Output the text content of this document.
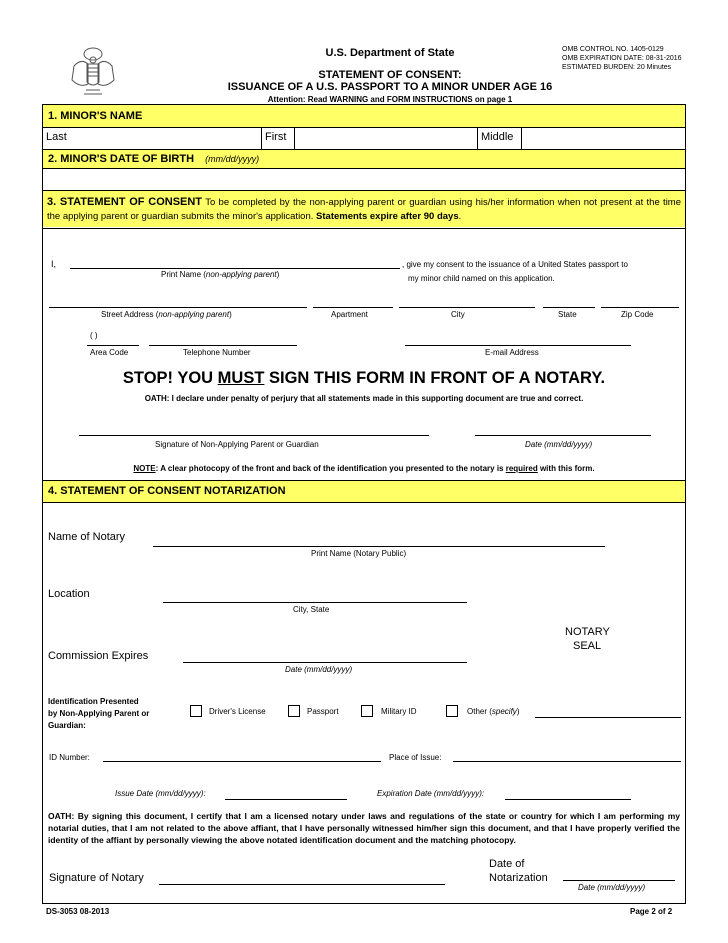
U.S. Department of State
STATEMENT OF CONSENT:
ISSUANCE OF A U.S. PASSPORT TO A MINOR UNDER AGE 16
Attention: Read WARNING and FORM INSTRUCTIONS on page 1
OMB CONTROL NO. 1405-0129
OMB EXPIRATION DATE: 08-31-2016
ESTIMATED BURDEN: 20 Minutes
1. MINOR'S NAME
Last	First	Middle
2. MINOR'S DATE OF BIRTH (mm/dd/yyyy)
3. STATEMENT OF CONSENT To be completed by the non-applying parent or guardian using his/her information when not present at the time the applying parent or guardian submits the minor's application. Statements expire after 90 days.
I,
Print Name (non-applying parent)
, give my consent to the issuance of a United States passport to
my minor child named on this application.
Street Address (non-applying parent)	Apartment	City	State	Zip Code
( )
Area Code	Telephone Number	E-mail Address
STOP! YOU MUST SIGN THIS FORM IN FRONT OF A NOTARY.
OATH: I declare under penalty of perjury that all statements made in this supporting document are true and correct.
Signature of Non-Applying Parent or Guardian	Date (mm/dd/yyyy)
NOTE: A clear photocopy of the front and back of the identification you presented to the notary is required with this form.
4. STATEMENT OF CONSENT NOTARIZATION
Name of Notary
Print Name (Notary Public)
Location
City, State
NOTARY
SEAL
Commission Expires
Date (mm/dd/yyyy)
Identification Presented
by Non-Applying Parent or
Guardian:
Driver's License	Passport	Military ID	Other (specify)
ID Number:	Place of Issue:
Issue Date (mm/dd/yyyy):	Expiration Date (mm/dd/yyyy):
OATH: By signing this document, I certify that I am a licensed notary under laws and regulations of the state or country for which I am performing my notarial duties, that I am not related to the above affiant, that I have personally witnessed him/her sign this document, and that I have properly verified the identity of the affiant by personally viewing the above notated identification document and the matching photocopy.
Signature of Notary
Date of
Notarization
Date (mm/dd/yyyy)
DS-3053 08-2013	Page 2 of 2
